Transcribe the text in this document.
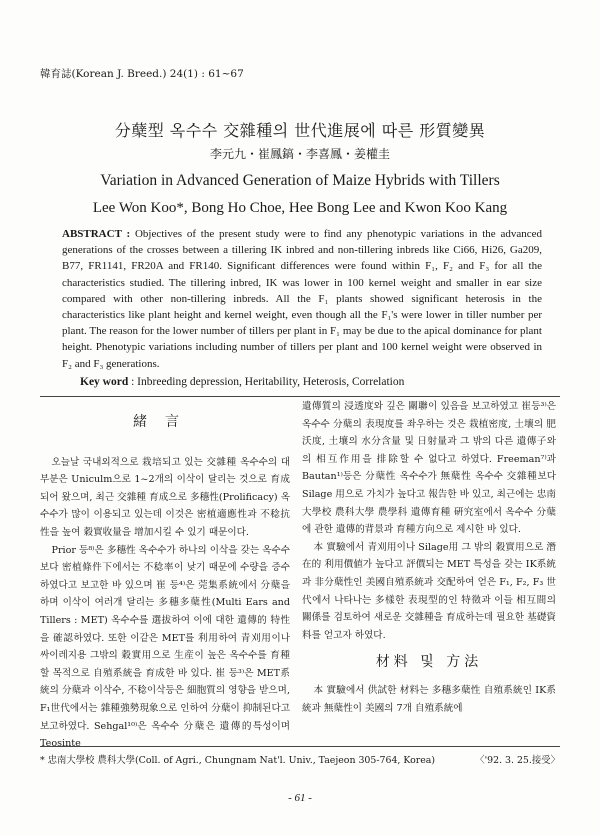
韓育誌(Korean J. Breed.) 24(1) : 61~67
分蘖型 옥수수 交雜種의 世代進展에 따른 形質變異
李元九・崔鳳鎬・李喜鳳・姜權圭
Variation in Advanced Generation of Maize Hybrids with Tillers
Lee Won Koo*, Bong Ho Choe, Hee Bong Lee and Kwon Koo Kang
ABSTRACT : Objectives of the present study were to find any phenotypic variations in the advanced generations of the crosses between a tillering IK inbred and non-tillering inbreds like Ci66, Hi26, Ga209, B77, FR1141, FR20A and FR140. Significant differences were found within F₁, F₂ and F₃ for all the characteristics studied. The tillering inbred, IK was lower in 100 kernel weight and smaller in ear size compared with other non-tillering inbreds. All the F₁ plants showed significant heterosis in the characteristics like plant height and kernel weight, even though all the F₁'s were lower in tiller number per plant. The reason for the lower number of tillers per plant in F₁ may be due to the apical dominance for plant height. Phenotypic variations including number of tillers per plant and 100 kernel weight were observed in F₂ and F₃ generations.
Key word : Inbreeding depression, Heritability, Heterosis, Correlation
緒言

오늘날 국내외적으로 栽培되고 있는 交雜種 옥수수의 대부분은 Uniculm으로 1~2개의 이삭이 달리는 것으로 育成되어 왔으며, 최근 交雜種 育成으로 多穗性(Prolificacy) 옥수수가 많이 이용되고 있는데 이것은 密植適應性과 不稔抗性을 높여 穀實收量을 增加시킬 수 있기 때문이다.

Prior 등⁸⁾은 多穗性 옥수수가 하나의 이삭을 갖는 옥수수보다 密植條件下에서는 不稔率이 낮기 때문에 수량을 증수하였다고 보고한 바 있으며 崔 등⁴⁾은 莞集系統에서 分蘖을 하며 이삭이 여러개 달리는 多穗多蘖性(Multi Ears and Tillers : MET) 옥수수를 選拔하여 이에 대한 遺傳的 特性을 確認하였다. 또한 이같은 MET를 利用하여 青刈用이나 싸이레지용 그밖의 穀實用으로 生産이 높은 옥수수를 育種할 목적으로 自殖系統을 育成한 바 있다. 崔 등³⁾은 MET系統의 分蘖과 이삭수, 不稔이삭등은 細胞質의 영향을 받으며, F₁世代에서는 雜種強勢現象으로 인하여 分蘖이 抑制된다고 보고하였다. Sehgal¹⁰⁾은 옥수수 分蘖은 遺傳的특성이며 Teosinte

遺傳質의 浸透度와 깊은 關聯이 있음을 보고하였고 崔등³⁾은 옥수수 分蘖의 表現度를 좌우하는 것은 栽植密度, 土壤의 肥沃度, 土壤의 水分含量 및 日射量과 그 밖의 다른 遺傳子와의 相互作用을 排除할 수 없다고 하였다. Freeman⁷⁾과 Bautan¹⁾등은 分蘖性 옥수수가 無蘖性 옥수수 交雜種보다 Silage 用으로 가치가 높다고 報告한 바 있고, 최근에는 忠南大學校 農科大學 農學科 遺傳育種 硏究室에서 옥수수 分蘖에 관한 遺傳的背景과 育種方向으로 제시한 바 있다.

本 實驗에서 青刈用이나 Silage用 그 밖의 穀實用으로 潛在的 利用價値가 높다고 評價되는 MET 특성을 갖는 IK系統과 非分蘖性인 美國自殖系統과 交配하여 얻은 F₁, F₂, F₃ 世代에서 나타나는 多樣한 表現型的인 特徵과 이들 相互間의 關係를 검토하여 새로운 交雜種을 育成하는데 필요한 基礎資料를 얻고자 하였다.

材料 및 方法

本 實驗에서 供試한 材料는 多穗多蘖性 自殖系統인 IK系統과 無蘖性이 美國의 7개 自殖系統에

* 忠南大學校 農科大學(Coll. of Agri., Chungnam Nat'l. Univ., Taejeon 305-764, Korea)	〈'92. 3. 25.接受〉
- 61 -
